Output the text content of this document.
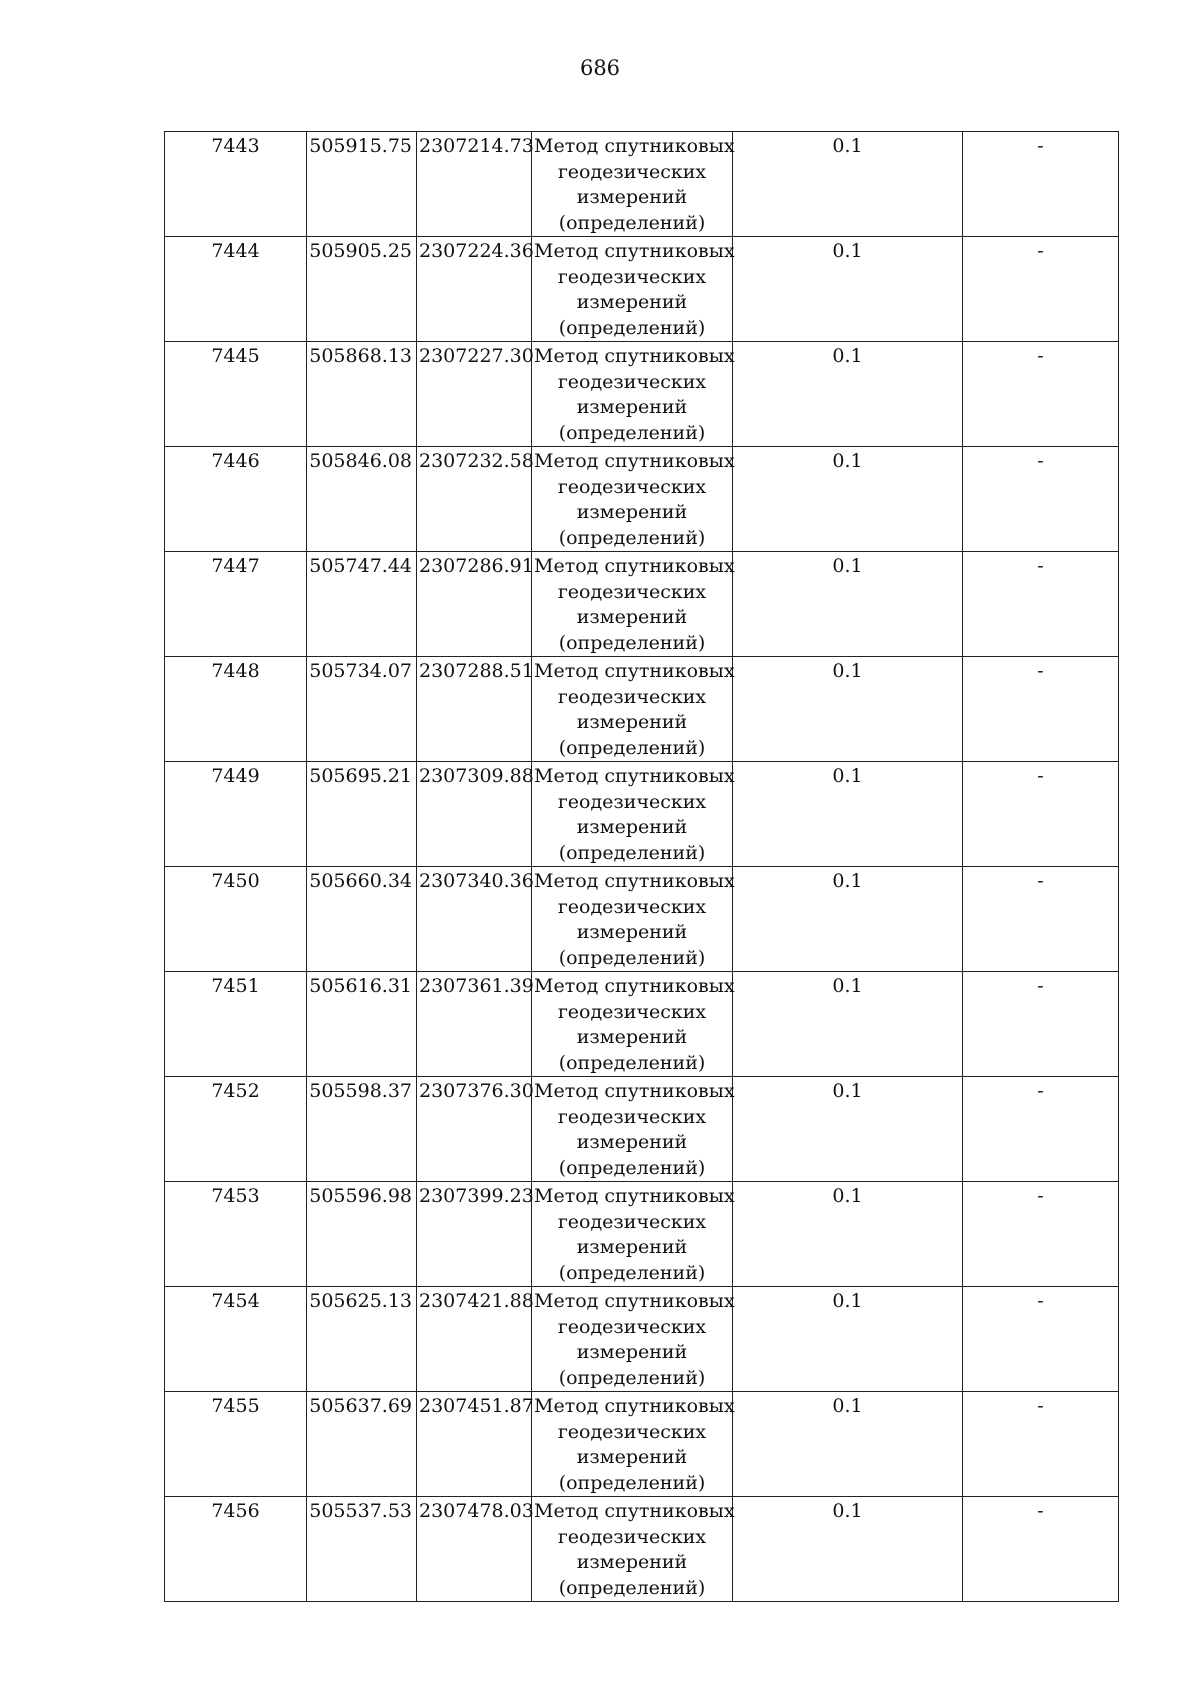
686
7443	505915.75	2307214.73	Метод спутниковых
геодезических
измерений
(определений)	0.1	-
7444	505905.25	2307224.36	Метод спутниковых
геодезических
измерений
(определений)	0.1	-
7445	505868.13	2307227.30	Метод спутниковых
геодезических
измерений
(определений)	0.1	-
7446	505846.08	2307232.58	Метод спутниковых
геодезических
измерений
(определений)	0.1	-
7447	505747.44	2307286.91	Метод спутниковых
геодезических
измерений
(определений)	0.1	-
7448	505734.07	2307288.51	Метод спутниковых
геодезических
измерений
(определений)	0.1	-
7449	505695.21	2307309.88	Метод спутниковых
геодезических
измерений
(определений)	0.1	-
7450	505660.34	2307340.36	Метод спутниковых
геодезических
измерений
(определений)	0.1	-
7451	505616.31	2307361.39	Метод спутниковых
геодезических
измерений
(определений)	0.1	-
7452	505598.37	2307376.30	Метод спутниковых
геодезических
измерений
(определений)	0.1	-
7453	505596.98	2307399.23	Метод спутниковых
геодезических
измерений
(определений)	0.1	-
7454	505625.13	2307421.88	Метод спутниковых
геодезических
измерений
(определений)	0.1	-
7455	505637.69	2307451.87	Метод спутниковых
геодезических
измерений
(определений)	0.1	-
7456	505537.53	2307478.03	Метод спутниковых
геодезических
измерений
(определений)	0.1	-
